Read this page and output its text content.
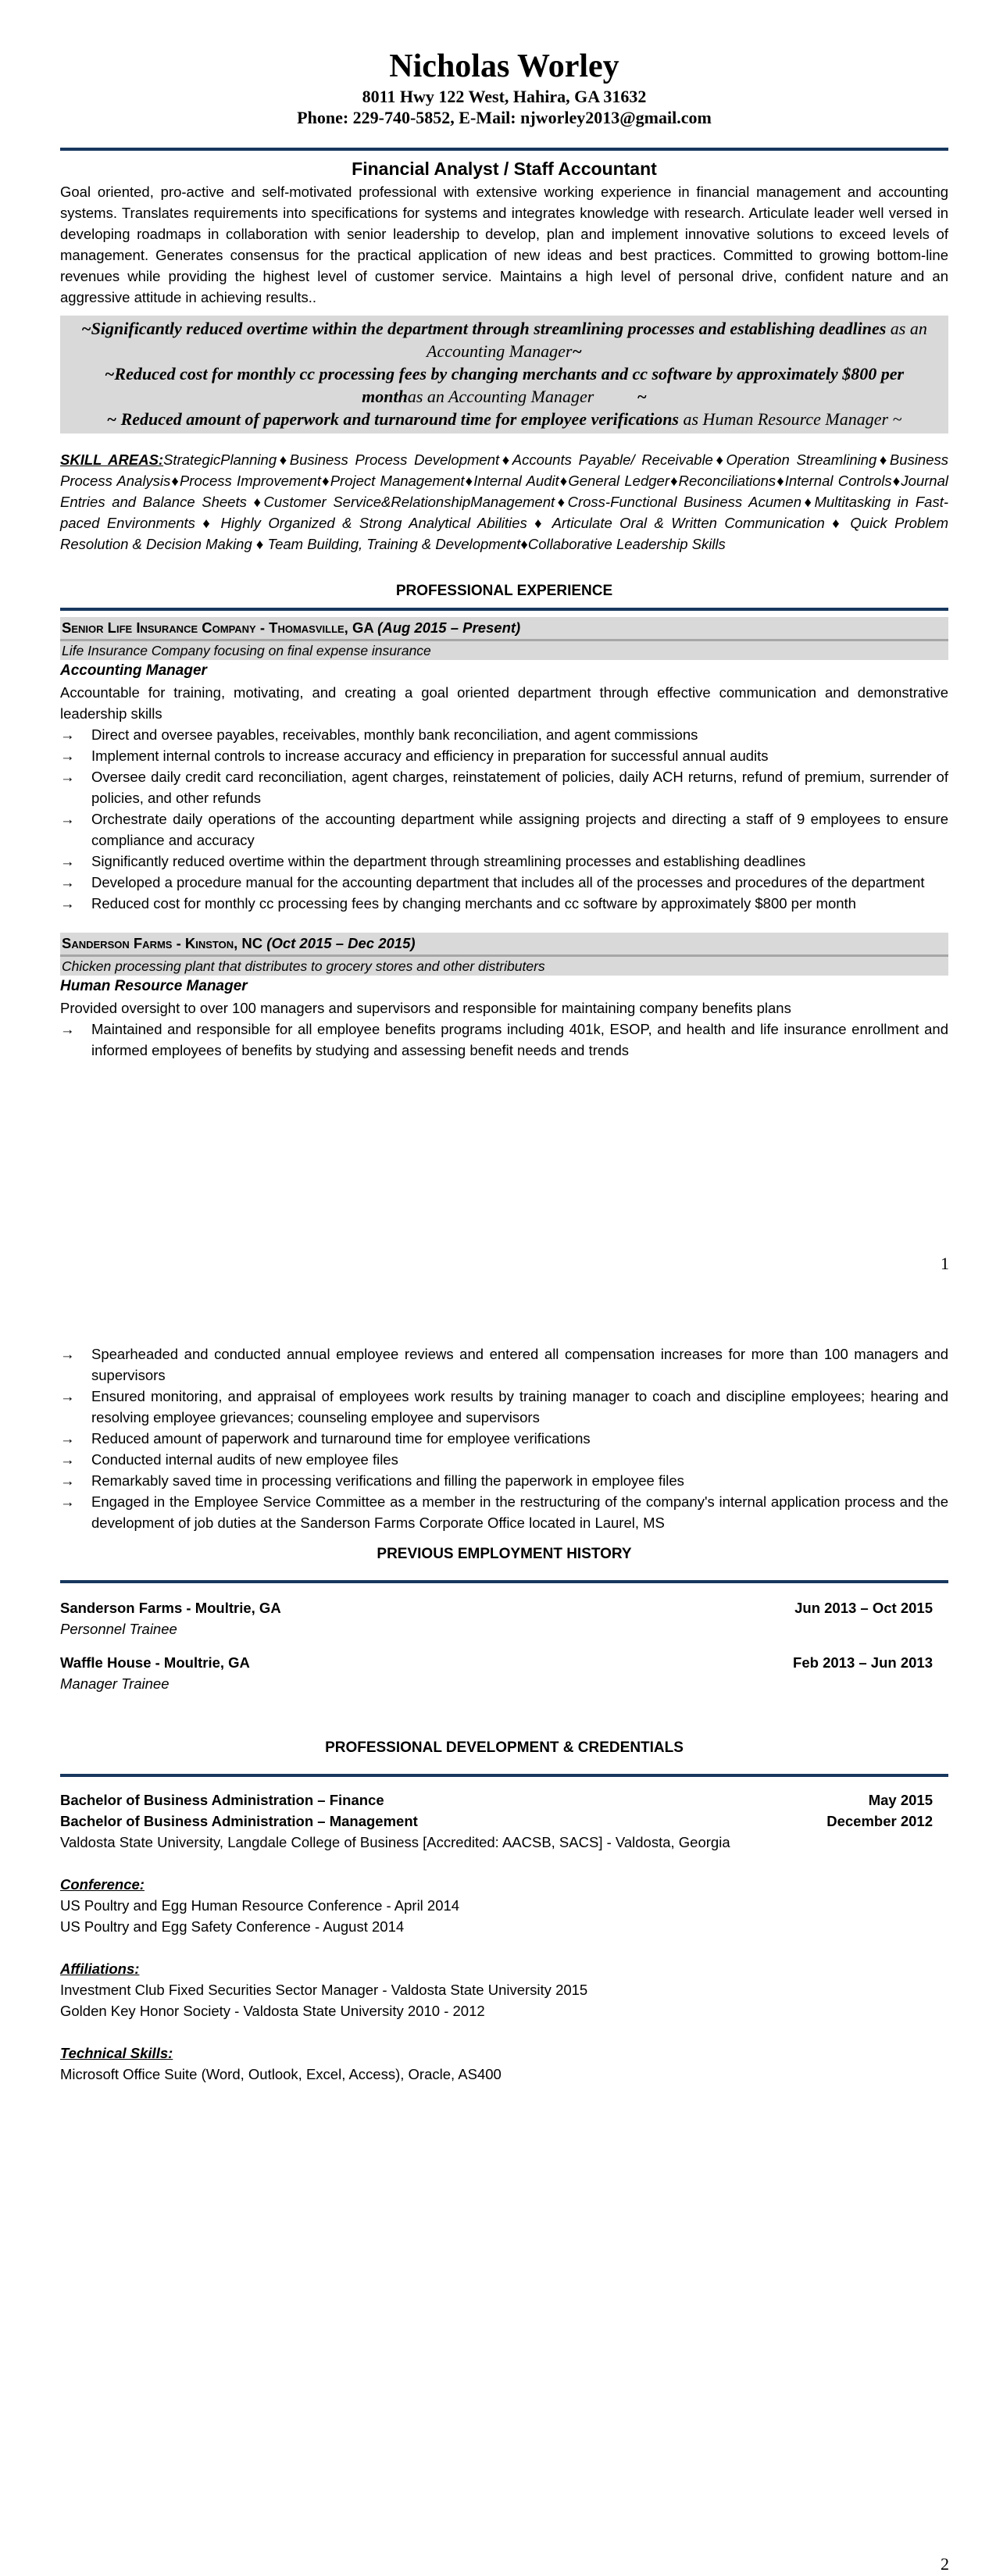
Nicholas Worley
8011 Hwy 122 West, Hahira, GA 31632
Phone: 229-740-5852, E-Mail: njworley2013@gmail.com
Financial Analyst / Staff Accountant
Goal oriented, pro-active and self-motivated professional with extensive working experience in financial management and accounting systems. Translates requirements into specifications for systems and integrates knowledge with research. Articulate leader well versed in developing roadmaps in collaboration with senior leadership to develop, plan and implement innovative solutions to exceed levels of management. Generates consensus for the practical application of new ideas and best practices. Committed to growing bottom-line revenues while providing the highest level of customer service. Maintains a high level of personal drive, confident nature and an aggressive attitude in achieving results..
~Significantly reduced overtime within the department through streamlining processes and establishing deadlines as an Accounting Manager~
~Reduced cost for monthly cc processing fees by changing merchants and cc software by approximately $800 per monthas an Accounting Manager          ~
~ Reduced amount of paperwork and turnaround time for employee verifications as Human Resource Manager ~
SKILL AREAS:StrategicPlanning♦Business Process Development♦Accounts Payable/ Receivable♦Operation Streamlining♦Business Process Analysis♦Process Improvement♦Project Management♦Internal Audit♦General Ledger♦Reconciliations♦Internal Controls♦Journal Entries and Balance Sheets ♦Customer Service&RelationshipManagement♦Cross-Functional Business Acumen♦Multitasking in Fast-paced Environments ♦ Highly Organized & Strong Analytical Abilities ♦ Articulate Oral & Written Communication ♦ Quick Problem Resolution & Decision Making ♦ Team Building, Training & Development♦Collaborative Leadership Skills
PROFESSIONAL EXPERIENCE
Senior Life Insurance Company - Thomasville, GA (Aug 2015 – Present)
Life Insurance Company focusing on final expense insurance
Accounting Manager
Accountable for training, motivating, and creating a goal oriented department through effective communication and demonstrative leadership skills
→ Direct and oversee payables, receivables, monthly bank reconciliation, and agent commissions
→ Implement internal controls to increase accuracy and efficiency in preparation for successful annual audits
→ Oversee daily credit card reconciliation, agent charges, reinstatement of policies, daily ACH returns, refund of premium, surrender of policies, and other refunds
→ Orchestrate daily operations of the accounting department while assigning projects and directing a staff of 9 employees to ensure compliance and accuracy
→ Significantly reduced overtime within the department through streamlining processes and establishing deadlines
→ Developed a procedure manual for the accounting department that includes all of the processes and procedures of the department
→ Reduced cost for monthly cc processing fees by changing merchants and cc software by approximately $800 per month
Sanderson Farms - Kinston, NC (Oct 2015 – Dec 2015)
Chicken processing plant that distributes to grocery stores and other distributers
Human Resource Manager
Provided oversight to over 100 managers and supervisors and responsible for maintaining company benefits plans
→ Maintained and responsible for all employee benefits programs including 401k, ESOP, and health and life insurance enrollment and informed employees of benefits by studying and assessing benefit needs and trends
1
→ Spearheaded and conducted annual employee reviews and entered all compensation increases for more than 100 managers and supervisors
→ Ensured monitoring, and appraisal of employees work results by training manager to coach and discipline employees; hearing and resolving employee grievances; counseling employee and supervisors
→ Reduced amount of paperwork and turnaround time for employee verifications
→ Conducted internal audits of new employee files
→ Remarkably saved time in processing verifications and filling the paperwork in employee files
→ Engaged in the Employee Service Committee as a member in the restructuring of the company's internal application process and the development of job duties at the Sanderson Farms Corporate Office located in Laurel, MS
PREVIOUS EMPLOYMENT HISTORY
Sanderson Farms - Moultrie, GA	Jun 2013 – Oct 2015
Personnel Trainee
Waffle House - Moultrie, GA	Feb 2013 – Jun 2013
Manager Trainee
PROFESSIONAL DEVELOPMENT & CREDENTIALS
Bachelor of Business Administration – Finance	May 2015
Bachelor of Business Administration – Management	December 2012
Valdosta State University, Langdale College of Business [Accredited: AACSB, SACS] - Valdosta, Georgia
Conference:
US Poultry and Egg Human Resource Conference - April 2014
US Poultry and Egg Safety Conference - August 2014
Affiliations:
Investment Club Fixed Securities Sector Manager - Valdosta State University 2015
Golden Key Honor Society - Valdosta State University 2010 - 2012
Technical Skills:
Microsoft Office Suite (Word, Outlook, Excel, Access), Oracle, AS400
2
